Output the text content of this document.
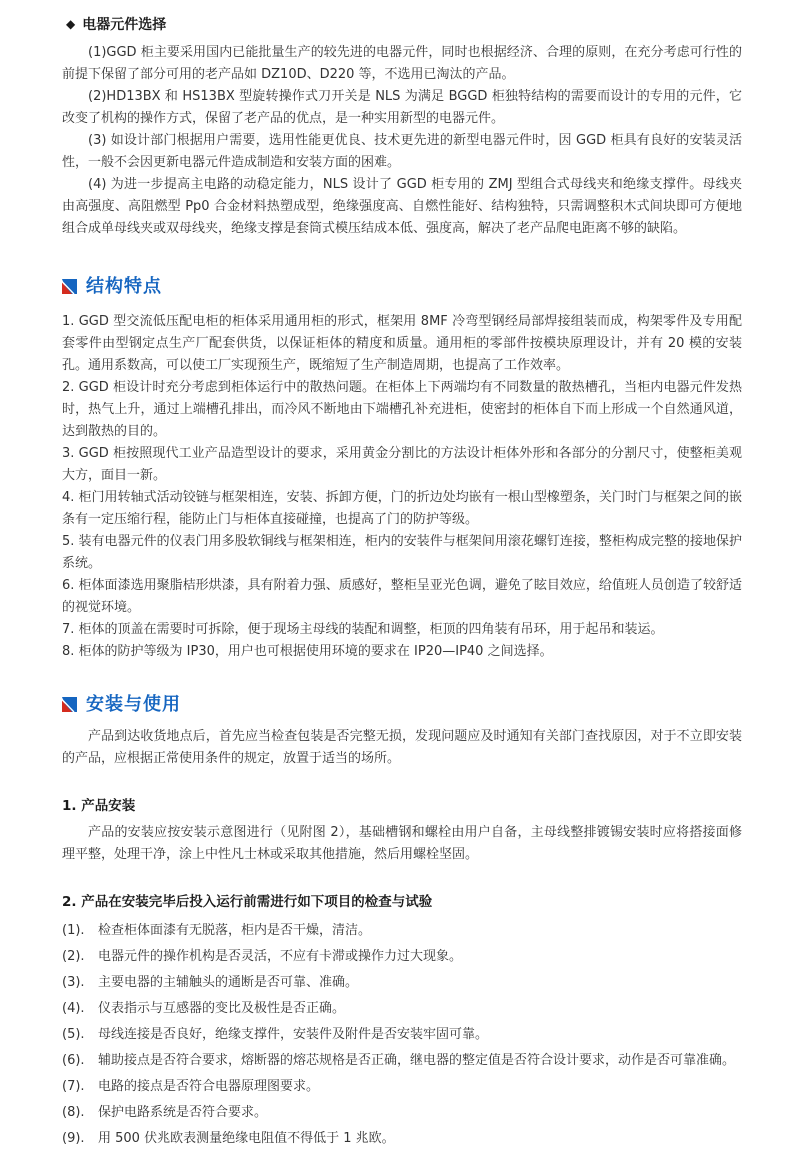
◆ 电器元件选择

(1)GGD 柜主要采用国内已能批量生产的较先进的电器元件，同时也根据经济、合理的原则，在充分考虑可行性的前提下保留了部分可用的老产品如 DZ10D、D220 等，不选用已淘汰的产品。

(2)HD13BX 和 HS13BX 型旋转操作式刀开关是 NLS 为满足 BGGD 柜独特结构的需要而设计的专用的元件，它改变了机构的操作方式，保留了老产品的优点，是一种实用新型的电器元件。

(3) 如设计部门根据用户需要，选用性能更优良、技术更先进的新型电器元件时，因 GGD 柜具有良好的安装灵活性，一般不会因更新电器元件造成制造和安装方面的困难。

(4) 为进一步提高主电路的动稳定能力，NLS 设计了 GGD 柜专用的 ZMJ 型组合式母线夹和绝缘支撑件。母线夹由高强度、高阻燃型 Pp0 合金材料热塑成型，绝缘强度高、自燃性能好、结构独特，只需调整积木式间块即可方便地组合成单母线夹或双母线夹，绝缘支撑是套筒式模压结成本低、强度高，解决了老产品爬电距离不够的缺陷。

结构特点
1. GGD 型交流低压配电柜的柜体采用通用柜的形式，框架用 8MF 冷弯型钢经局部焊接组装而成，构架零件及专用配套零件由型钢定点生产厂配套供货，以保证柜体的精度和质量。通用柜的零部件按模块原理设计，并有 20 模的安装孔。通用系数高，可以使工厂实现预生产，既缩短了生产制造周期，也提高了工作效率。
2. GGD 柜设计时充分考虑到柜体运行中的散热问题。在柜体上下两端均有不同数量的散热槽孔，当柜内电器元件发热时，热气上升，通过上端槽孔排出，而冷风不断地由下端槽孔补充进柜，使密封的柜体自下而上形成一个自然通风道，达到散热的目的。
3. GGD 柜按照现代工业产品造型设计的要求，采用黄金分割比的方法设计柜体外形和各部分的分割尺寸，使整柜美观大方，面目一新。
4. 柜门用转轴式活动铰链与框架相连，安装、拆卸方便，门的折边处均嵌有一根山型橡塑条，关门时门与框架之间的嵌条有一定压缩行程，能防止门与柜体直接碰撞，也提高了门的防护等级。
5. 装有电器元件的仪表门用多股软铜线与框架相连，柜内的安装件与框架间用滚花螺钉连接，整柜构成完整的接地保护系统。
6. 柜体面漆选用聚脂桔形烘漆，具有附着力强、质感好，整柜呈亚光色调，避免了眩目效应，给值班人员创造了较舒适的视觉环境。
7. 柜体的顶盖在需要时可拆除，便于现场主母线的装配和调整，柜顶的四角装有吊环，用于起吊和装运。
8. 柜体的防护等级为 IP30，用户也可根据使用环境的要求在 IP20—IP40 之间选择。
安装与使用

产品到达收货地点后，首先应当检查包装是否完整无损，发现问题应及时通知有关部门查找原因，对于不立即安装的产品，应根据正常使用条件的规定，放置于适当的场所。

1. 产品安装

产品的安装应按安装示意图进行（见附图 2），基础槽钢和螺栓由用户自备，主母线整排镀锡安装时应将搭接面修理平整，处理干净，涂上中性凡士林或采取其他措施，然后用螺栓坚固。

2. 产品在安装完毕后投入运行前需进行如下项目的检查与试验
(1).	检查柜体面漆有无脱落，柜内是否干燥，清洁。
(2).	电器元件的操作机构是否灵活，不应有卡滞或操作力过大现象。
(3).	主要电器的主辅触头的通断是否可靠、准确。
(4).	仪表指示与互感器的变比及极性是否正确。
(5).	母线连接是否良好，绝缘支撑件，安装件及附件是否安装牢固可靠。
(6).	辅助接点是否符合要求，熔断器的熔芯规格是否正确，继电器的整定值是否符合设计要求，动作是否可靠准确。
(7).	电路的接点是否符合电器原理图要求。
(8).	保护电路系统是否符合要求。
(9).	用 500 伏兆欧表测量绝缘电阻值不得低于 1 兆欧。
